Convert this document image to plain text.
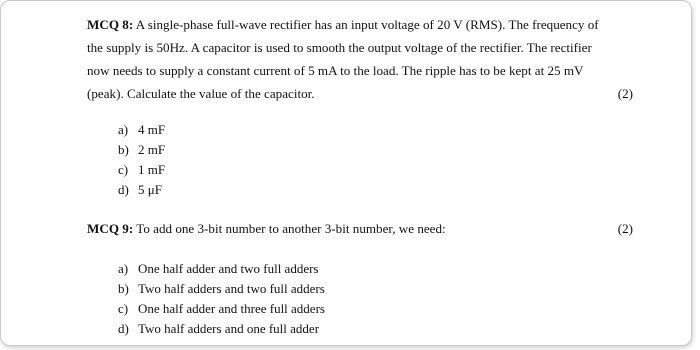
MCQ 8: A single-phase full-wave rectifier has an input voltage of 20 V (RMS). The frequency of
the supply is 50Hz. A capacitor is used to smooth the output voltage of the rectifier. The rectifier
now needs to supply a constant current of 5 mA to the load. The ripple has to be kept at 25 mV
(peak). Calculate the value of the capacitor.	(2)
a) 4 mF
b) 2 mF
c) 1 mF
d) 5 μF
MCQ 9: To add one 3-bit number to another 3-bit number, we need:	(2)
a) One half adder and two full adders
b) Two half adders and two full adders
c) One half adder and three full adders
d) Two half adders and one full adder
